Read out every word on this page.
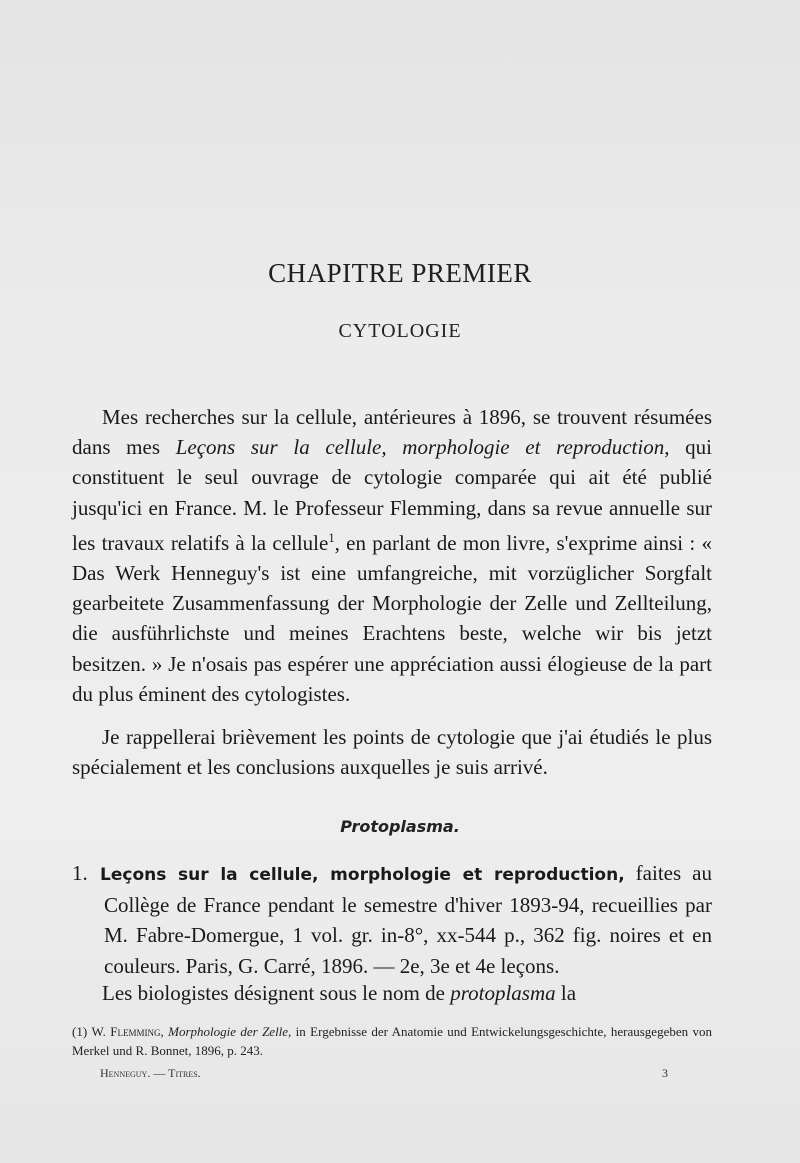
CHAPITRE PREMIER
CYTOLOGIE
Mes recherches sur la cellule, antérieures à 1896, se trouvent résumées dans mes Leçons sur la cellule, morphologie et reproduction, qui constituent le seul ouvrage de cytologie comparée qui ait été publié jusqu'ici en France. M. le Professeur Flemming, dans sa revue annuelle sur les travaux relatifs à la cellule$^1$, en parlant de mon livre, s'exprime ainsi : « Das Werk Henneguy's ist eine umfangreiche, mit vorzüglicher Sorgfalt gearbeitete Zusammenfassung der Morphologie der Zelle und Zellteilung, die ausführlichste und meines Erachtens beste, welche wir bis jetzt besitzen. » Je n'osais pas espérer une appréciation aussi élogieuse de la part du plus éminent des cytologistes.
Je rappellerai brièvement les points de cytologie que j'ai étudiés le plus spécialement et les conclusions auxquelles je suis arrivé.
Protoplasma.
1. Leçons sur la cellule, morphologie et reproduction, faites au Collège de France pendant le semestre d'hiver 1893-94, recueillies par M. Fabre-Domergue, 1 vol. gr. in-8°, xx-544 p., 362 fig. noires et en couleurs. Paris, G. Carré, 1896. — 2e, 3e et 4e leçons.
Les biologistes désignent sous le nom de protoplasma la
(1) W. Flemming, Morphologie der Zelle, in Ergebnisse der Anatomie und Entwickelungsgeschichte, herausgegeben von Merkel und R. Bonnet, 1896, p. 243.
Henneguy. — Titres.	3
